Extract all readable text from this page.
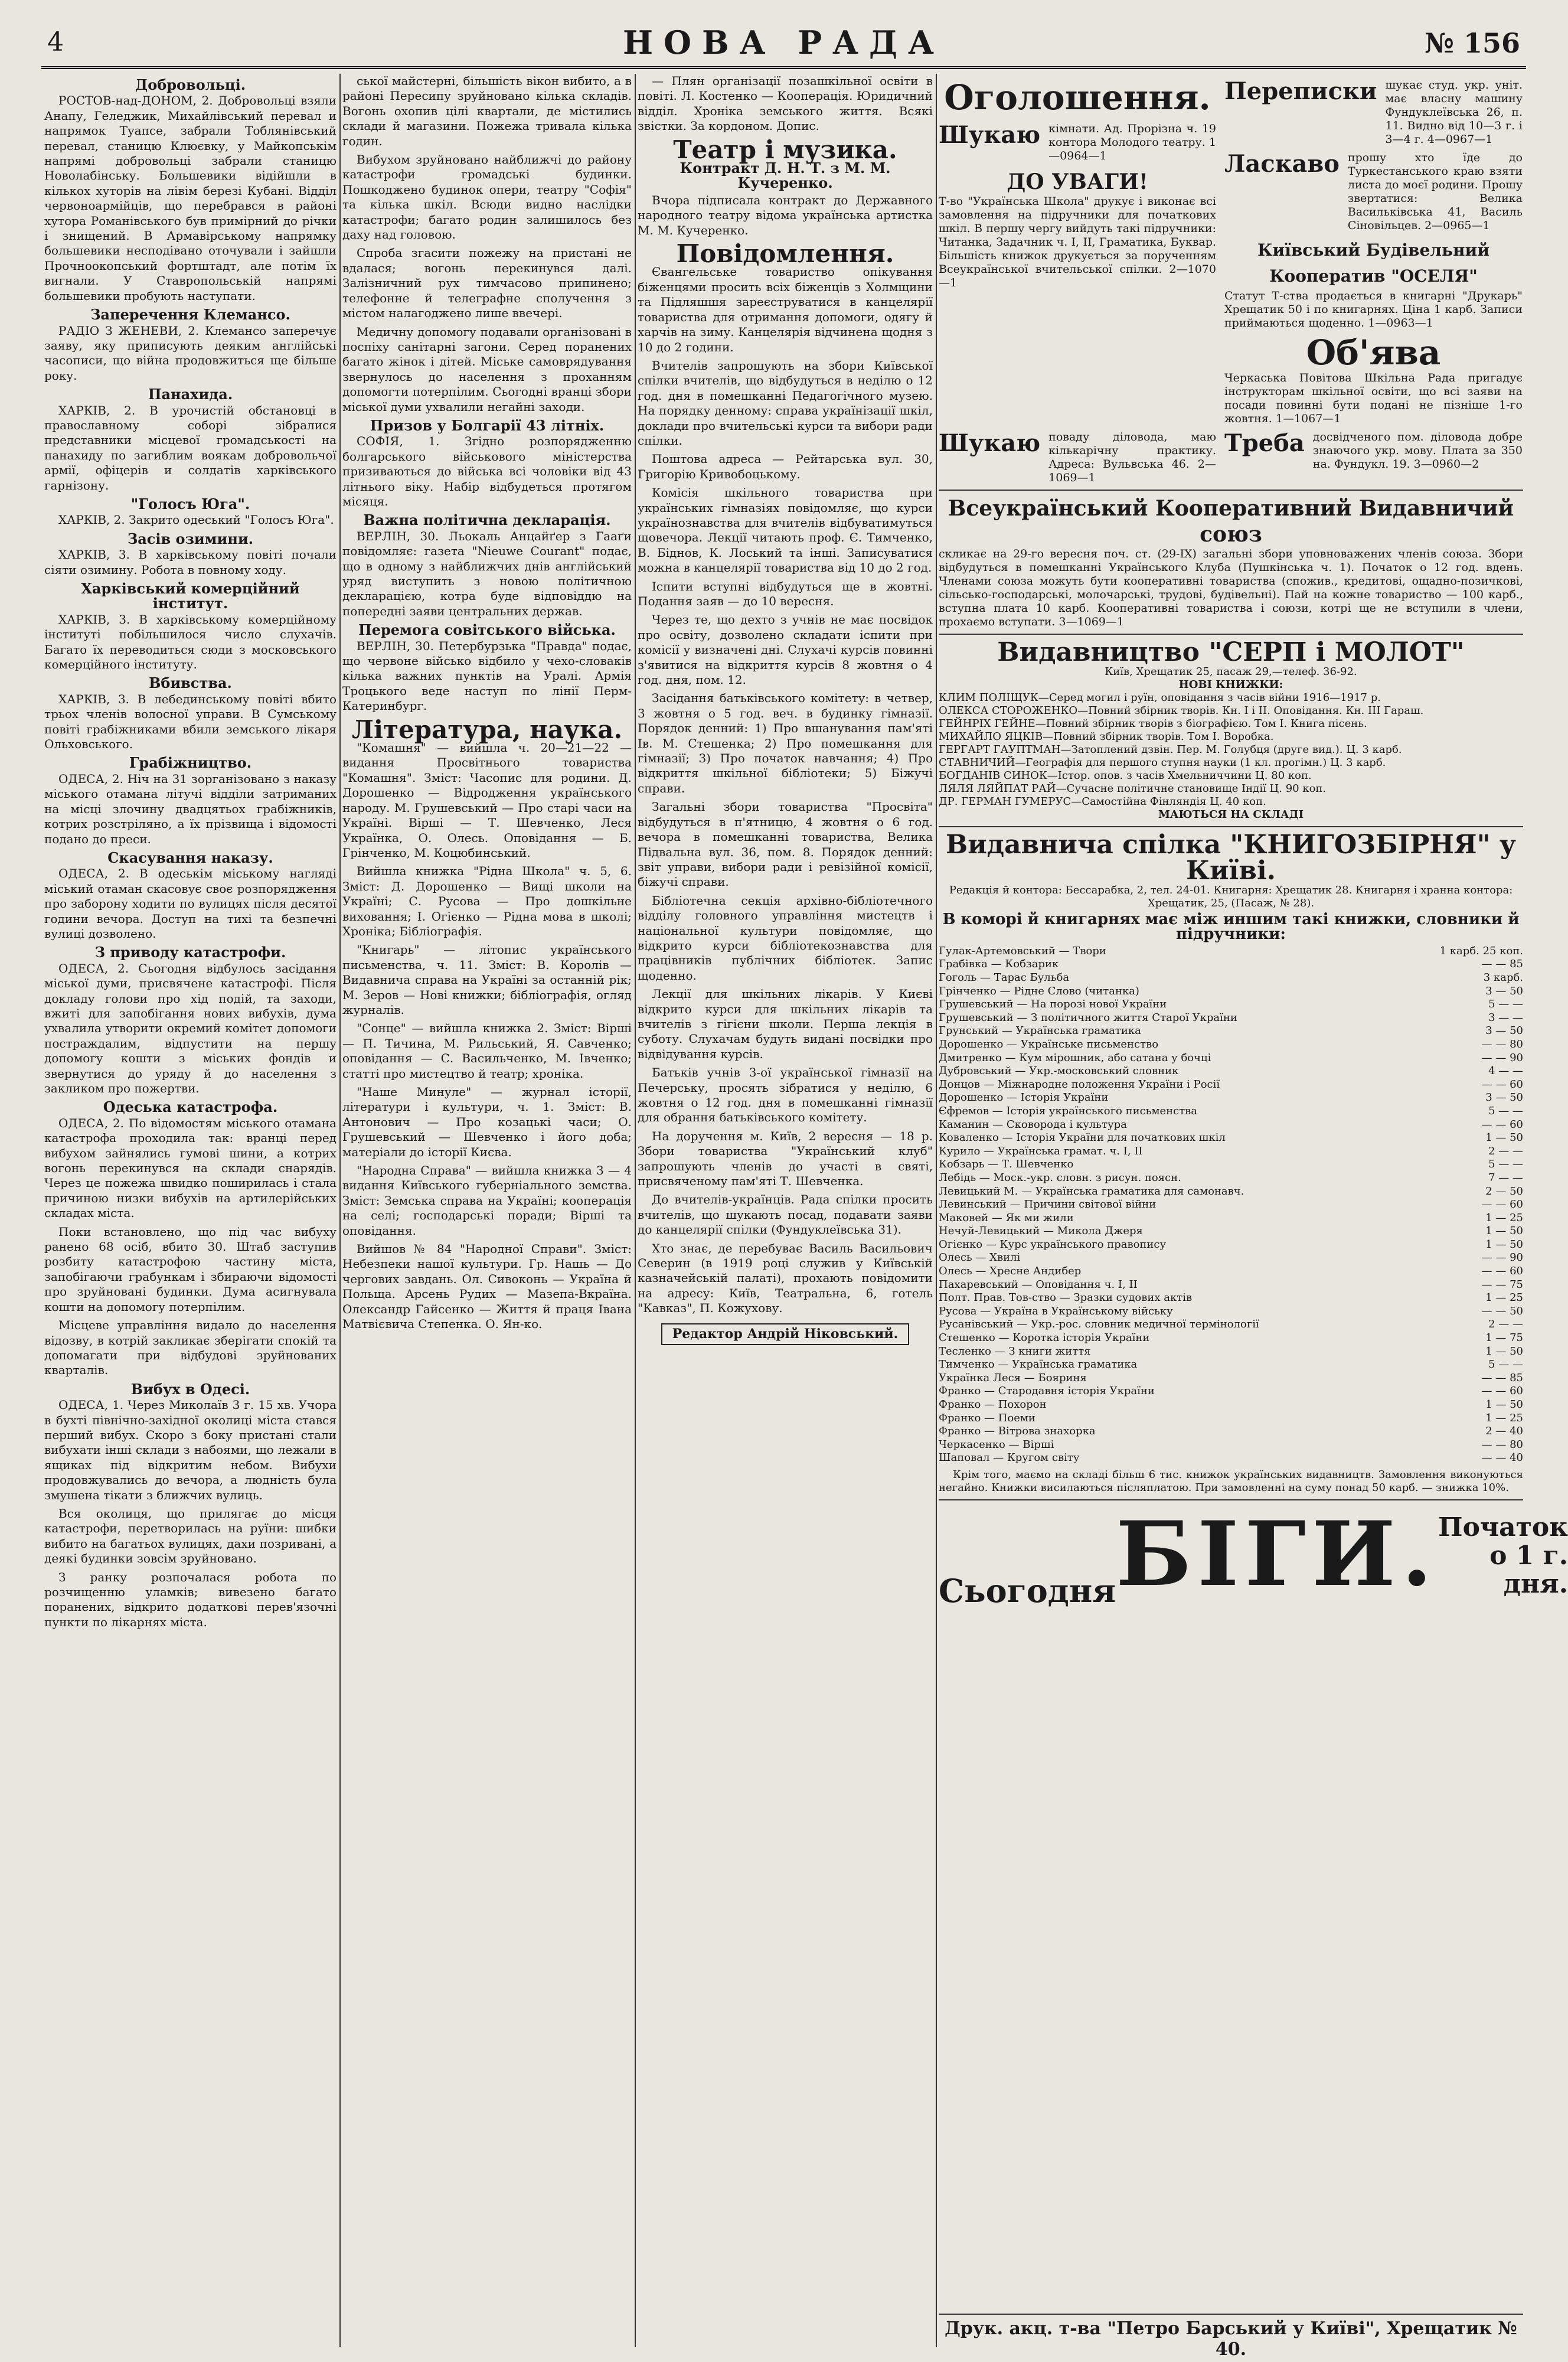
4	НОВА РАДА	№ 156
Добровольці.

РОСТОВ-над-ДОНОМ, 2. Добровольці взяли Анапу, Геледжик, Михайлівський перевал и напрямок Туапсе, забрали Тоблянівський перевал, станицю Клюєвку, у Майкопськім напрямі добровольці забрали станицю Новолабінську. Большевики відійшли в кількох хуторів на лівім березі Кубані. Відділ червоноармійців, що перебрався в районі хутора Романівського був примірний до річки і знищений. В Армавірському напрямку большевики несподівано оточували і зайшли Прочноокопський фортштадт, але потім їх вигнали. У Ставропольській напрямі большевики пробують наступати.

Заперечення Клемансо.

РАДІО З ЖЕНЕВИ, 2. Клемансо заперечує заяву, яку приписують деяким англійські часописи, що війна продовжиться ще більше року.

Панахида.

ХАРКІВ, 2. В урочистій обстановці в православному соборі зібралися представники місцевої громадськості на панахиду по загиблим воякам добровольчої армії, офіцерів и солдатів харківського гарнізону.

"Голосъ Юга".

ХАРКІВ, 2. Закрито одеський "Голосъ Юга".

Засів озимини.

ХАРКІВ, 3. В харківському повіті почали сіяти озимину. Робота в повному ходу.

Харківський комерційний інститут.

ХАРКІВ, 3. В харківському комерційному інституті побільшилося число слухачів. Багато їх переводиться сюди з московського комерційного інституту.

Вбивства.

ХАРКІВ, 3. В лебединському повіті вбито трьох членів волосної управи. В Сумському повіті грабіжниками вбили земського лікаря Ольховського.

Грабіжництво.

ОДЕСА, 2. Ніч на 31 зорганізовано з наказу міського отамана літучі відділи затриманих на місці злочину двадцятьох грабіжників, котрих розстріляно, а їх прізвища і відомості подано до преси.

Скасування наказу.

ОДЕСА, 2. В одеськім міському нагляді міський отаман скасовує своє розпорядження про заборону ходити по вулицях після десятої години вечора. Доступ на тихі та безпечні вулиці дозволено.

З приводу катастрофи.

ОДЕСА, 2. Сьогодня відбулось засідання міської думи, присвячене катастрофі. Після докладу голови про хід подій, та заходи, вжиті для запобігання нових вибухів, дума ухвалила утворити окремий комітет допомоги постраждалим, відпустити на першу допомогу кошти з міських фондів и звернутися до уряду й до населення з закликом про пожертви.

Одеська катастрофа.

ОДЕСА, 2. По відомостям міського отамана катастрофа проходила так: вранці перед вибухом зайнялись гумові шини, а котрих вогонь перекинувся на склади снарядів. Через це пожежа швидко поширилась і стала причиною низки вибухів на артилерійських складах міста.

Поки встановлено, що під час вибуху ранено 68 осіб, вбито 30. Штаб заступив розбиту катастрофою частину міста, запобігаючи грабункам і збираючи відомості про зруйновані будинки. Дума асигнувала кошти на допомогу потерпілим.

Місцеве управління видало до населення відозву, в котрій закликає зберігати спокій та допомагати при відбудові зруйнованих кварталів.

Вибух в Одесі.

ОДЕСА, 1. Через Миколаїв 3 г. 15 хв. Учора в бухті північно-західної околиці міста стався перший вибух. Скоро з боку пристані стали вибухати інші склади з набоями, що лежали в ящиках під відкритим небом. Вибухи продовжувались до вечора, а людність була змушена тікати з ближчих вулиць.

Вся околиця, що прилягає до місця катастрофи, перетворилась на руїни: шибки вибито на багатьох вулицях, дахи позривані, а деякі будинки зовсім зруйновано.

З ранку розпочалася робота по розчищенню уламків; вивезено багато поранених, відкрито додаткові перев'язочні пункти по лікарнях міста.

ської майстерні, більшість вікон вибито, а в районі Пересипу зруйновано кілька складів. Вогонь охопив цілі квартали, де містились склади й магазини. Пожежа тривала кілька годин.

Вибухом зруйновано найближчі до району катастрофи громадські будинки. Пошкоджено будинок опери, театру "Софія" та кілька шкіл. Всюди видно наслідки катастрофи; багато родин залишилось без даху над головою.

Спроба згасити пожежу на пристані не вдалася; вогонь перекинувся далі. Залізничний рух тимчасово припинено; телефонне й телеграфне сполучення з містом налагоджено лише ввечері.

Медичну допомогу подавали організовані в поспіху санітарні загони. Серед поранених багато жінок і дітей. Міське самоврядування звернулось до населення з проханням допомогти потерпілим. Сьогодні вранці збори міської думи ухвалили негайні заходи.

Призов у Болгарії 43 літніх.

СОФІЯ, 1. Згідно розпорядженню болгарського військового міністерства призиваються до війська всі чоловіки від 43 літнього віку. Набір відбудеться протягом місяця.

Важна політична декларація.

ВЕРЛІН, 30. Льокаль Анцайґер з Гааґи повідомляє: газета "Nieuwe Courant" подає, що в одному з найближчих днів англійський уряд виступить з новою політичною декларацією, котра буде відповіддю на попередні заяви центральних держав.

Перемога совітського війська.

ВЕРЛІН, 30. Петербурзька "Правда" подає, що червоне військо відбило у чехо-словаків кілька важних пунктів на Уралі. Армія Троцького веде наступ по лінії Перм-Катеринбург.

Література, наука.

"Комашня" — вийшла ч. 20—21—22 — видання Просвітнього товариства "Комашня". Зміст: Часопис для родини. Д. Дорошенко — Відродження українського народу. М. Грушевський — Про старі часи на Україні. Вірші — Т. Шевченко, Леся Українка, О. Олесь. Оповідання — Б. Грінченко, М. Коцюбинський.

Вийшла книжка "Рідна Школа" ч. 5, 6. Зміст: Д. Дорошенко — Вищі школи на Україні; С. Русова — Про дошкільне виховання; І. Огієнко — Рідна мова в школі; Хроніка; Бібліографія.

"Книгарь" — літопис українського письменства, ч. 11. Зміст: В. Королів — Видавнича справа на Україні за останній рік; М. Зеров — Нові книжки; бібліографія, огляд журналів.

"Сонце" — вийшла книжка 2. Зміст: Вірші — П. Тичина, М. Рильський, Я. Савченко; оповідання — С. Васильченко, М. Івченко; статті про мистецтво й театр; хроніка.

"Наше Минуле" — журнал історії, літератури і культури, ч. 1. Зміст: В. Антонович — Про козацькі часи; О. Грушевський — Шевченко і його доба; матеріали до історії Києва.

"Народна Справа" — вийшла книжка 3 — 4 видання Київського губерніального земства. Зміст: Земська справа на Україні; кооперація на селі; господарські поради; Вірші та оповідання.

Вийшов № 84 "Народної Справи". Зміст: Небезпеки нашої культури. Гр. Нашь — До чергових завдань. Ол. Сивоконь — Україна й Польща. Арсень Рудих — Мазепа-Вкраїна. Олександр Гайсенко — Життя й праця Івана Матвієвича Степенка. О. Ян-ко.

— Плян організації позашкільної освіти в повіті. Л. Костенко — Кооперація. Юридичний відділ. Хроніка земського життя. Всякі звістки. За кордоном. Допис.

Театр і музика.
Контракт Д. Н. Т. з М. М. Кучеренко.

Вчора підписала контракт до Державного народного театру відома українська артистка М. М. Кучеренко.

Повідомлення.

Євангельське товариство опікування біженцями просить всіх біженців з Холмщини та Підляшшя зареєструватися в канцелярії товариства для отримання допомоги, одягу й харчів на зиму. Канцелярія відчинена щодня з 10 до 2 години.

Вчителів запрошують на збори Київської спілки вчителів, що відбудуться в неділю о 12 год. дня в помешканні Педагогічного музею. На порядку денному: справа українізації шкіл, доклади про вчительські курси та вибори ради спілки.

Поштова адреса — Рейтарська вул. 30, Григорію Кривобоцькому.

Комісія шкільного товариства при українських гімназіях повідомляє, що курси українознавства для вчителів відбуватимуться щовечора. Лекції читають проф. Є. Тимченко, В. Біднов, К. Лоський та інші. Записуватися можна в канцелярії товариства від 10 до 2 год.

Іспити вступні відбудуться ще в жовтні. Подання заяв — до 10 вересня.

Через те, що дехто з учнів не має посвідок про освіту, дозволено складати іспити при комісії у визначені дні. Слухачі курсів повинні з'явитися на відкриття курсів 8 жовтня о 4 год. дня, пом. 12.

Засідання батьківського комітету: в четвер, 3 жовтня о 5 год. веч. в будинку гімназії. Порядок денний: 1) Про вшанування пам'яті Ів. М. Стешенка; 2) Про помешкання для гімназії; 3) Про початок навчання; 4) Про відкриття шкільної бібліотеки; 5) Біжучі справи.

Загальні збори товариства "Просвіта" відбудуться в п'ятницю, 4 жовтня о 6 год. вечора в помешканні товариства, Велика Підвальна вул. 36, пом. 8. Порядок денний: звіт управи, вибори ради і ревізійної комісії, біжучі справи.

Бібліотечна секція архівно-бібліотечного відділу головного управління мистецтв і національної культури повідомляє, що відкрито курси бібліотекознавства для працівників публічних бібліотек. Запис щоденно.

Лекції для шкільних лікарів. У Києві відкрито курси для шкільних лікарів та вчителів з гігієни школи. Перша лекція в суботу. Слухачам будуть видані посвідки про відвідування курсів.

Батьків учнів 3-ої української гімназії на Печерську, просять зібратися у неділю, 6 жовтня о 12 год. дня в помешканні гімназії для обрання батьківського комітету.

На доручення м. Київ, 2 вересня — 18 р. Збори товариства "Український клуб" запрошують членів до участі в святі, присвяченому пам'яті Т. Шевченка.

До вчителів-українців. Рада спілки просить вчителів, що шукають посад, подавати заяви до канцелярії спілки (Фундуклеївська 31).

Хто знає, де перебуває Василь Васильович Северин (в 1919 році служив у Київській казначейській палаті), прохають повідомити на адресу: Київ, Театральна, 6, готель "Кавказ", П. Кожухову.

Редактор Андрій Ніковський.
Оголошення.
Шукаю кімнати. Ад. Прорізна ч. 19 контора Молодого театру. 1—0964—1
ДО УВАГИ!
Т-во "Українська Школа" друкує і виконає всі замовлення на підручники для початкових шкіл. В першу чергу вийдуть такі підручники: Читанка, Задачник ч. I, II, Граматика, Буквар. Більшість книжок друкується за порученням Всеукраїнської вчительської спілки. 2—1070—1
Переписки шукає студ. укр. уніт. має власну машину Фундуклеївська 26, п. 11. Видно від 10—3 г. і 3—4 г. 4—0967—1
Ласкаво прошу хто їде до Туркестанського краю взяти листа до моєї родини. Прошу звертатися: Велика Васильківська 41, Василь Сіновільцев. 2—0965—1
Київський Будівельний Кооператив "ОСЕЛЯ"
Статут Т-ства продається в книгарні "Друкарь" Хрещатик 50 і по книгарнях. Ціна 1 карб. Записи приймаються щоденно. 1—0963—1
Об'ява
Черкаська Повітова Шкільна Рада пригадує інструкторам шкільної освіти, що всі заяви на посади повинні бути подані не пізніше 1-го жовтня. 1—1067—1
Шукаю поваду діловода, маю кількарічну практику. Адреса: Вульвська 46. 2—1069—1
Треба досвідченого пом. діловода добре знаючого укр. мову. Плата за 350 на. Фундукл. 19. 3—0960—2
Всеукраїнський Кооперативний Видавничий союз
скликає на 29-го вересня поч. ст. (29-IX) загальні збори уповноважених членів союза. Збори відбудуться в помешканні Українського Клуба (Пушкінська ч. 1). Початок о 12 год. вдень. Членами союза можуть бути кооперативні товариства (спожив., кредитові, ощадно-позичкові, сільсько-господарські, молочарські, трудові, будівельні). Пай на кожне товариство — 100 карб., вступна плата 10 карб. Кооперативні товариства і союзи, котрі ще не вступили в члени, прохаємо вступати. 3—1069—1
Видавництво "СЕРП і МОЛОТ"
Київ, Хрещатик 25, пасаж 29,—телеф. 36-92.
НОВІ КНИЖКИ:
КЛИМ ПОЛІЩУК—Серед могил і руїн, оповідання з часів війни 1916—1917 р.
ОЛЕКСА СТОРОЖЕНКО—Повний збірник творів. Кн. I і II. Оповідання. Кн. III Гараш.
ГЕЙНРІХ ГЕЙНЕ—Повний збірник творів з біографією. Том I. Книга пісень.
МИХАЙЛО ЯЦКІВ—Повний збірник творів. Том I. Воробка.
ГЕРГАРТ ГАУПТМАН—Затоплений дзвін. Пер. М. Голубця (друге вид.). Ц. 3 карб.
СТАВНИЧИЙ—Географія для першого ступня науки (1 кл. прогімн.) Ц. 3 карб.
БОГДАНІВ СИНОК—Істор. опов. з часів Хмельниччини Ц. 80 коп.
ЛЯЛЯ ЛЯЙПАТ РАЙ—Сучасне політичне становище Індії Ц. 90 коп.
ДР. ГЕРМАН ГУМЕРУС—Самостійна Фінляндія Ц. 40 коп.
МАЮТЬСЯ НА СКЛАДІ
Видавнича спілка "КНИГОЗБІРНЯ" у Київі.
Редакція й контора: Бессарабка, 2, тел. 24-01. Книгарня: Хрещатик 28. Книгарня і хранна контора: Хрещатик, 25, (Пасаж, № 28).
В коморі й книгарнях має між иншим такі книжки, словники й підручники:
Гулак-Артемовський — Твори	1 карб. 25 коп.
Грабівка — Кобзарик	— — 85
Гоголь — Тарас Бульба	3 карб.
Грінченко — Рідне Слово (читанка)	3 — 50
Грушевський — На порозі нової України	5 — —
Грушевський — З політичного життя Старої України	3 — —
Грунський — Українська граматика	3 — 50
Дорошенко — Українське письменство	— — 80
Дмитренко — Кум мірошник, або сатана у бочці	— — 90
Дубровський — Укр.-московський словник	4 — —
Донцов — Міжнародне положення України і Росії	— — 60
Дорошенко — Історія України	3 — 50
Єфремов — Історія українського письменства	5 — —
Каманин — Сковорода і культура	— — 60
Коваленко — Історія України для початкових шкіл	1 — 50
Курило — Українська грамат. ч. I, II	2 — —
Кобзарь — Т. Шевченко	5 — —
Лебідь — Моск.-укр. словн. з рисун. поясн.	7 — —
Левицький М. — Українська граматика для самонавч.	2 — 50
Левинський — Причини світової війни	— — 60
Маковей — Як ми жили	1 — 25
Нечуй-Левицький — Микола Джеря	1 — 50
Огієнко — Курс українського правопису	1 — 50
Олесь — Хвилі	— — 90
Олесь — Хресне Андибер	— — 60
Пахаревський — Оповідання ч. I, II	— — 75
Полт. Прав. Тов-ство — Зразки судових актів	1 — 25
Русова — Україна в Українському війську	— — 50
Русанівський — Укр.-рос. словник медичної термінології	2 — —
Стешенко — Коротка історія України	1 — 75
Тесленко — З книги життя	1 — 50
Тимченко — Українська граматика	5 — —
Українка Леся — Бояриня	— — 85
Франко — Стародавня історія України	— — 60
Франко — Похорон	1 — 50
Франко — Поеми	1 — 25
Франко — Вітрова знахорка	2 — 40
Черкасенко — Вірші	— — 80
Шаповал — Кругом світу	— — 40
Крім того, маємо на складі більш 6 тис. книжок українських видавництв. Замовлення виконуються негайно. Книжки висилаються післяплатою. При замовленні на суму понад 50 карб. — знижка 10%.
Сьогодня БІГИ. Початок о 1 г. дня.
Друк. акц. т-ва "Петро Барський у Київі", Хрещатик № 40.
